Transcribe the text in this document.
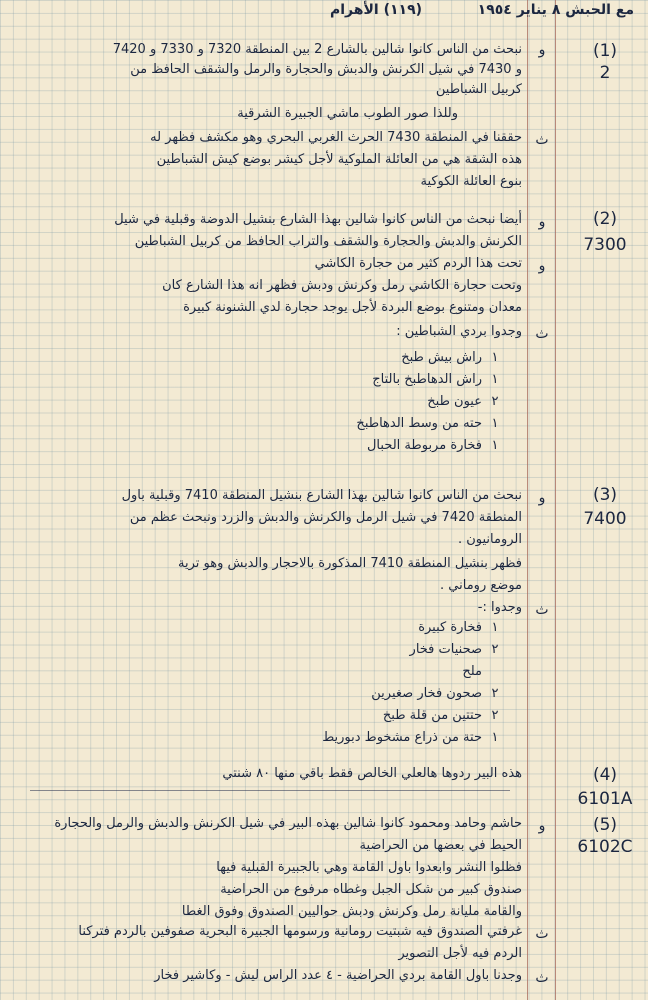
مع الحبش ٨ يناير ١٩٥٤
(١١٩) الأهرام
(1)
2
و
نبحث من الناس كانوا شالين بالشارع 2 بين المنطقة 7320 و 7330 و 7420
و 7430 في شيل الكرنش والدبش والحجارة والرمل والشقف الحافظ من
كربيل الشباطين
وللذا صور الطوب ماشي الجبيرة الشرقية
ث
حققنا في المنطقة 7430 الحرث الغربي البحري وهو مكشف فظهر له
هذه الشقة هي من العائلة الملوكية لأجل كيشر بوضع كيش الشباطين
بنوع العائلة الكوكية
(2)
7300
و
أيضا نبحث من الناس كانوا شالين بهذا الشارع بنشيل الدوضة وقبلية في شيل
الكرنش والدبش والحجارة والشقف والتراب الحافظ من كربيل الشباطين
و
تحت هذا الردم كثير من حجارة الكاشي
وتحت حجارة الكاشي رمل وكرنش ودبش فظهر انه هذا الشارع كان
معدان ومتنوع بوضع البردة لأجل يوجد حجارة لدي الشنونة كبيرة
ث
وجدوا بردي الشباطين :
١راش بيش طبخ
١راش الدهاطبخ بالتاج
٢عيون طبخ
١حته من وسط الدهاطبخ
١فخارة مربوطة الحبال
(3)
7400
و
نبحث من الناس كانوا شالين بهذا الشارع بنشيل المنطقة 7410 وقبلية باول
المنطقة 7420 في شيل الرمل والكرنش والدبش والزرد ونبحث عظم من
الرومانيون .
فظهر بنشيل المنطقة 7410 المذكورة بالاحجار والدبش وهو ترية
موضع روماني .
ث
وجدوا :-
١فخارة كبيرة
٢صحنيات فخار
ملح
٢صحون فخار صغيرين
٢حتتين من قلة طبخ
١حتة من ذراع مشخوط دبوريط
(4)
6101A
هذه البير ردوها هالعلي الخالص فقط باقي منها ٨٠ شنتي
(5)
6102C
و
حاشم وحامد ومحمود كانوا شالين بهذه البير في شيل الكرنش والدبش والرمل والحجارة
الحيط في بعضها من الحراضية
فظلوا النشر وابعدوا باول القامة وهي بالجبيرة القبلية فيها
صندوق كبير من شكل الجبل وغطاه مرفوع من الحراضية
والقامة مليانة رمل وكرنش ودبش حواليين الصندوق وفوق الغطا
ث
غرفتي الصندوق فيه شبتيت رومانية ورسومها الجبيرة البحرية صفوفين بالردم فتركنا
الردم فيه لأجل التصوير
ث
وجدنا باول القامة بردي الحراضية - ٤ عدد الراس ليش - وكاشير فخار
